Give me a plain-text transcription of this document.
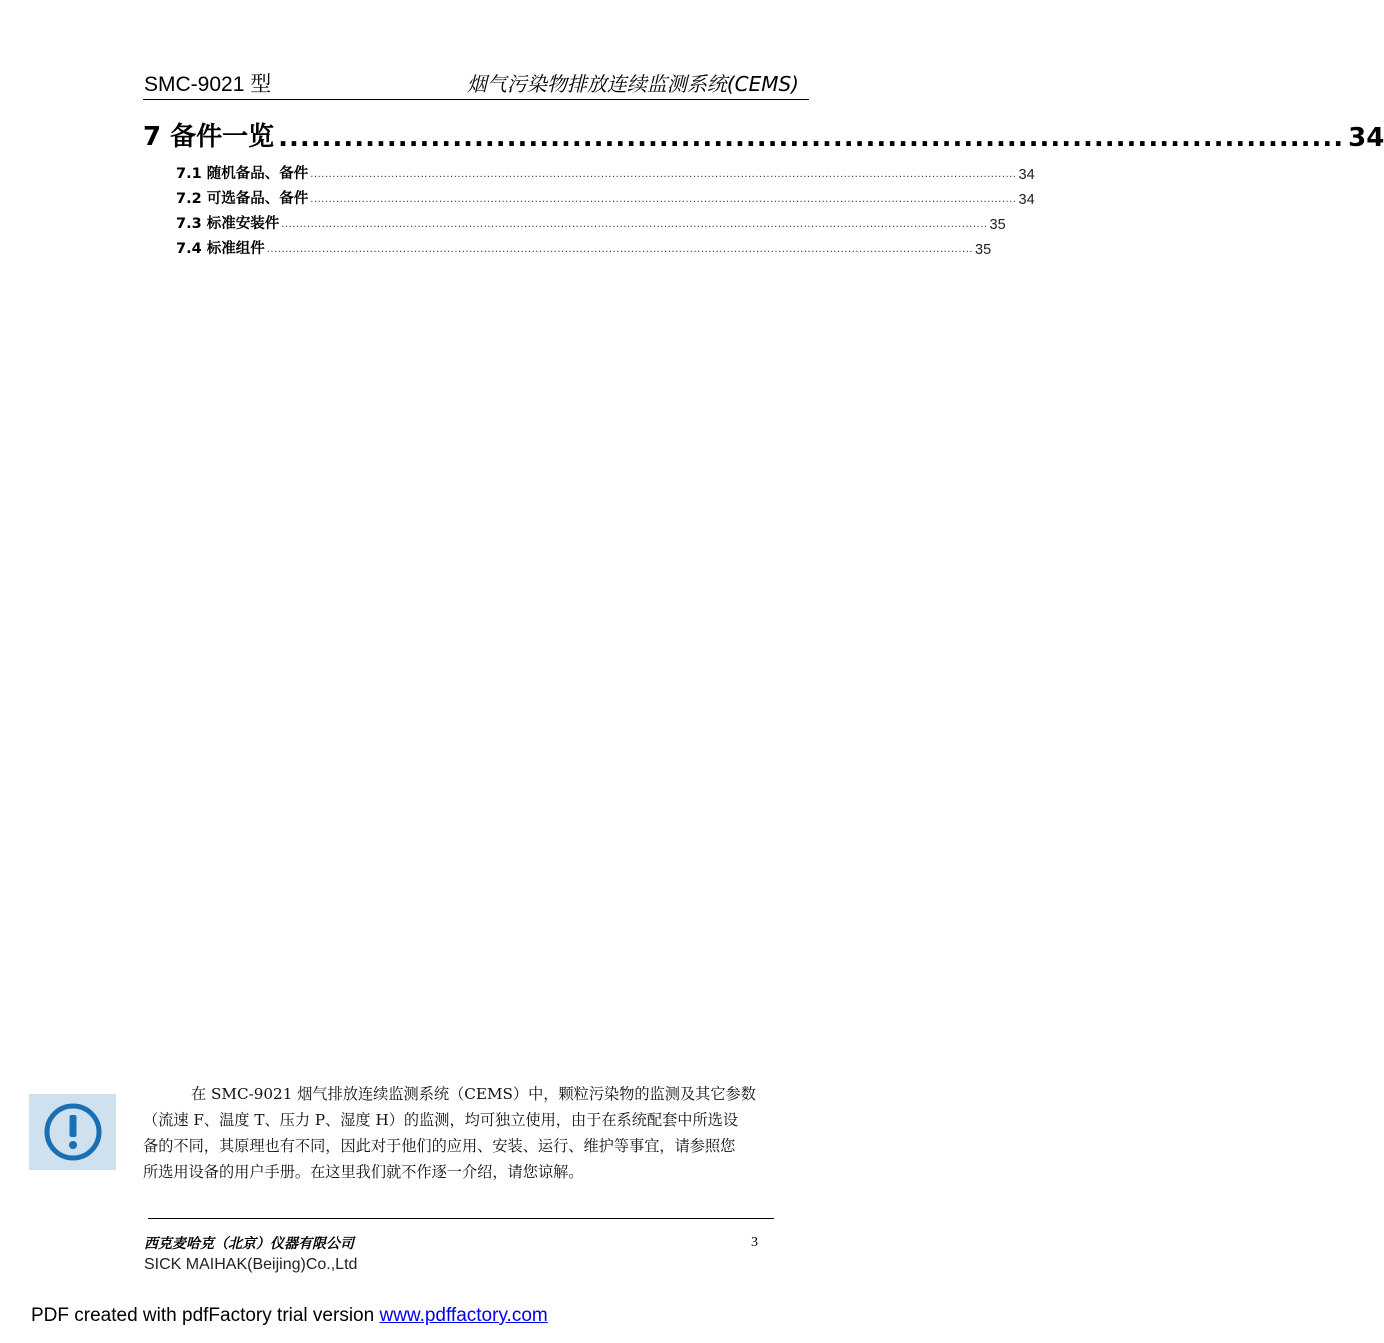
SMC-9021 型	烟气污染物排放连续监测系统(CEMS)
7 备件一览 .................................................................................................. 34
7.1 随机备品、备件 ................................................................................................................................................................................................ 34
7.2 可选备品、备件 ................................................................................................................................................................................................ 34
7.3 标准安装件 ................................................................................................................................................................................................ 35
7.4 标准组件 ................................................................................................................................................................................................ 35
在 SMC-9021 烟气排放连续监测系统（CEMS）中，颗粒污染物的监测及其它参数
（流速 F、温度 T、压力 P、湿度 H）的监测，均可独立使用，由于在系统配套中所选设
备的不同，其原理也有不同，因此对于他们的应用、安装、运行、维护等事宜，请参照您
所选用设备的用户手册。在这里我们就不作逐一介绍，请您谅解。
西克麦哈克（北京）仪器有限公司	3
SICK MAIHAK(Beijing)Co.,Ltd
PDF created with pdfFactory trial version www.pdffactory.com
